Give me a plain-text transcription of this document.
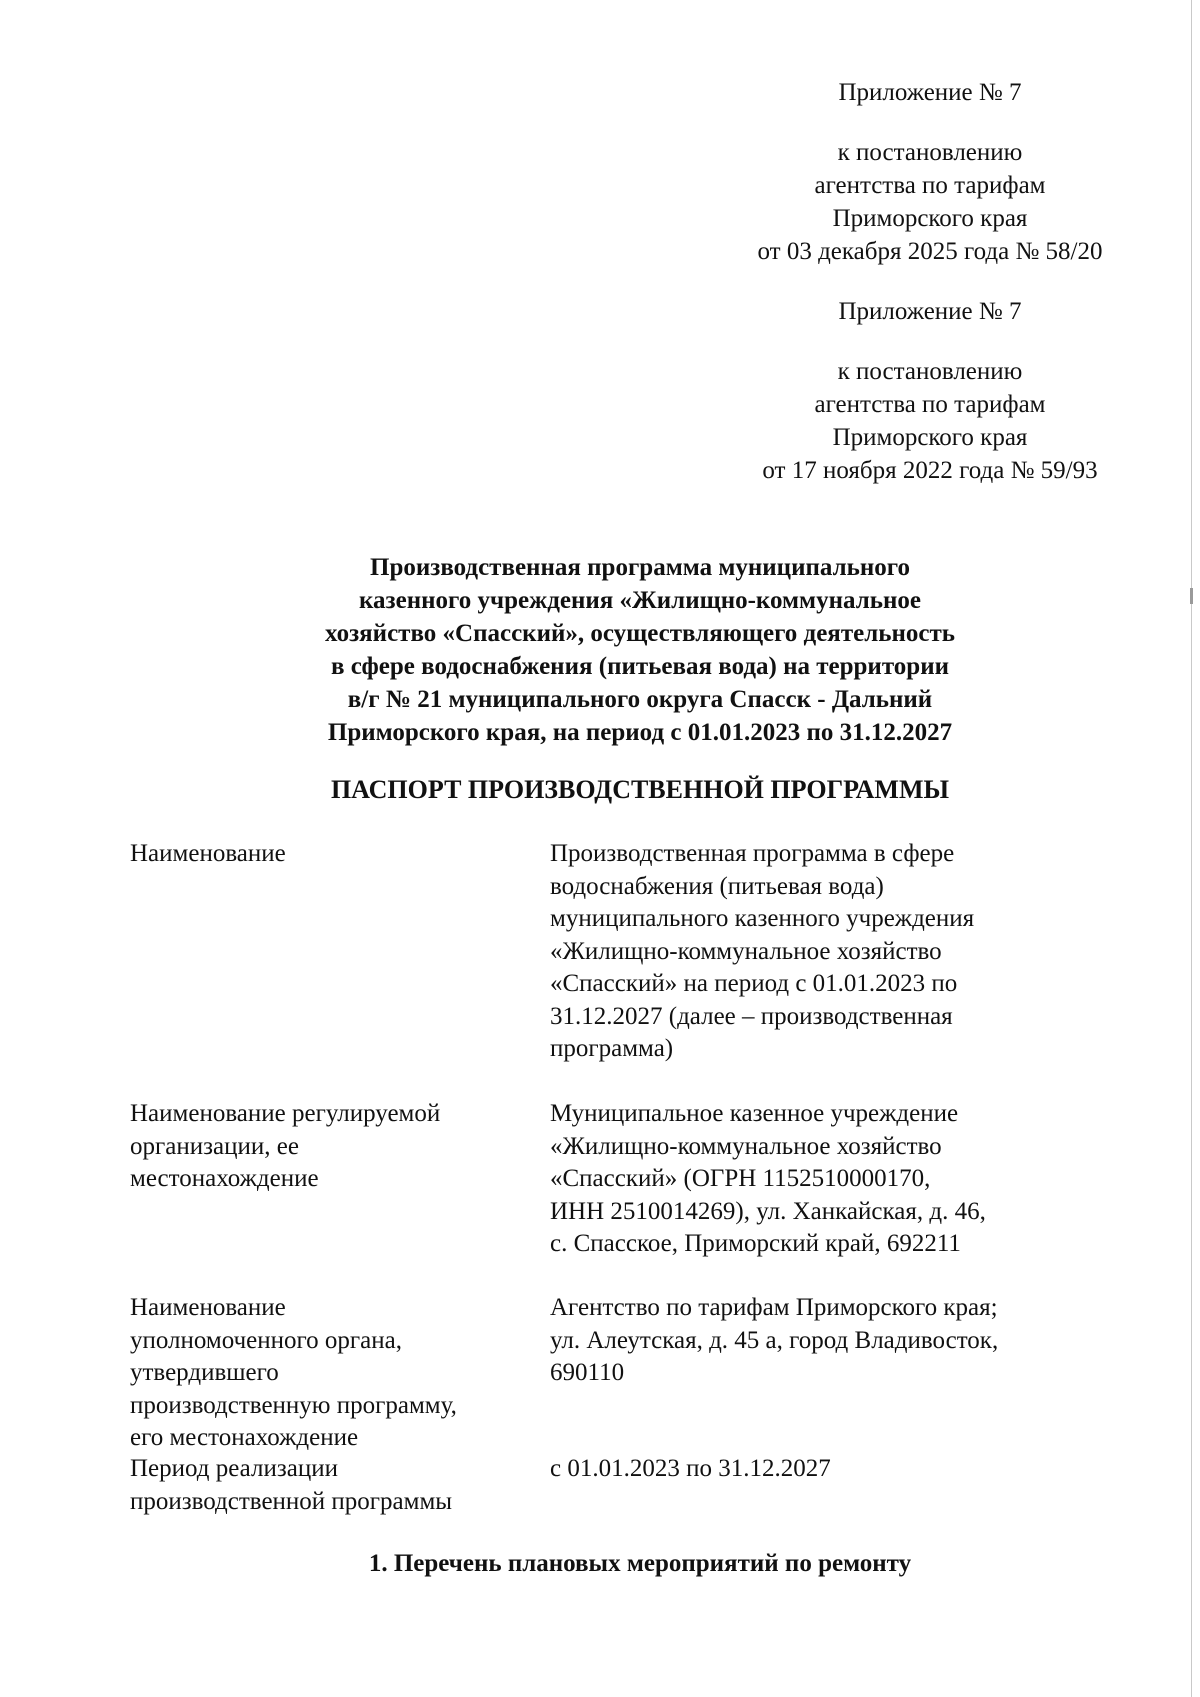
Приложение № 7
к постановлению
агентства по тарифам
Приморского края
от 03 декабря 2025 года № 58/20
Приложение № 7
к постановлению
агентства по тарифам
Приморского края
от 17 ноября 2022 года № 59/93
Производственная программа муниципального
казенного учреждения «Жилищно-коммунальное
хозяйство «Спасский», осуществляющего деятельность
в сфере водоснабжения (питьевая вода) на территории
в/г № 21 муниципального округа Спасск - Дальний
Приморского края, на период с 01.01.2023 по 31.12.2027
ПАСПОРТ ПРОИЗВОДСТВЕННОЙ ПРОГРАММЫ
Наименование	Производственная программа в сфере
водоснабжения (питьевая вода)
муниципального казенного учреждения
«Жилищно-коммунальное хозяйство
«Спасский» на период с 01.01.2023 по
31.12.2027 (далее – производственная
программа)
Наименование регулируемой
организации, ее
местонахождение
Муниципальное казенное учреждение
«Жилищно-коммунальное хозяйство
«Спасский» (ОГРН 1152510000170,
ИНН 2510014269), ул. Ханкайская, д. 46,
с. Спасское, Приморский край, 692211
Наименование
уполномоченного органа,
утвердившего
производственную программу,
его местонахождение
Агентство по тарифам Приморского края;
ул. Алеутская, д. 45 а, город Владивосток,
690110
Период реализации
производственной программы
с 01.01.2023 по 31.12.2027
1. Перечень плановых мероприятий по ремонту
